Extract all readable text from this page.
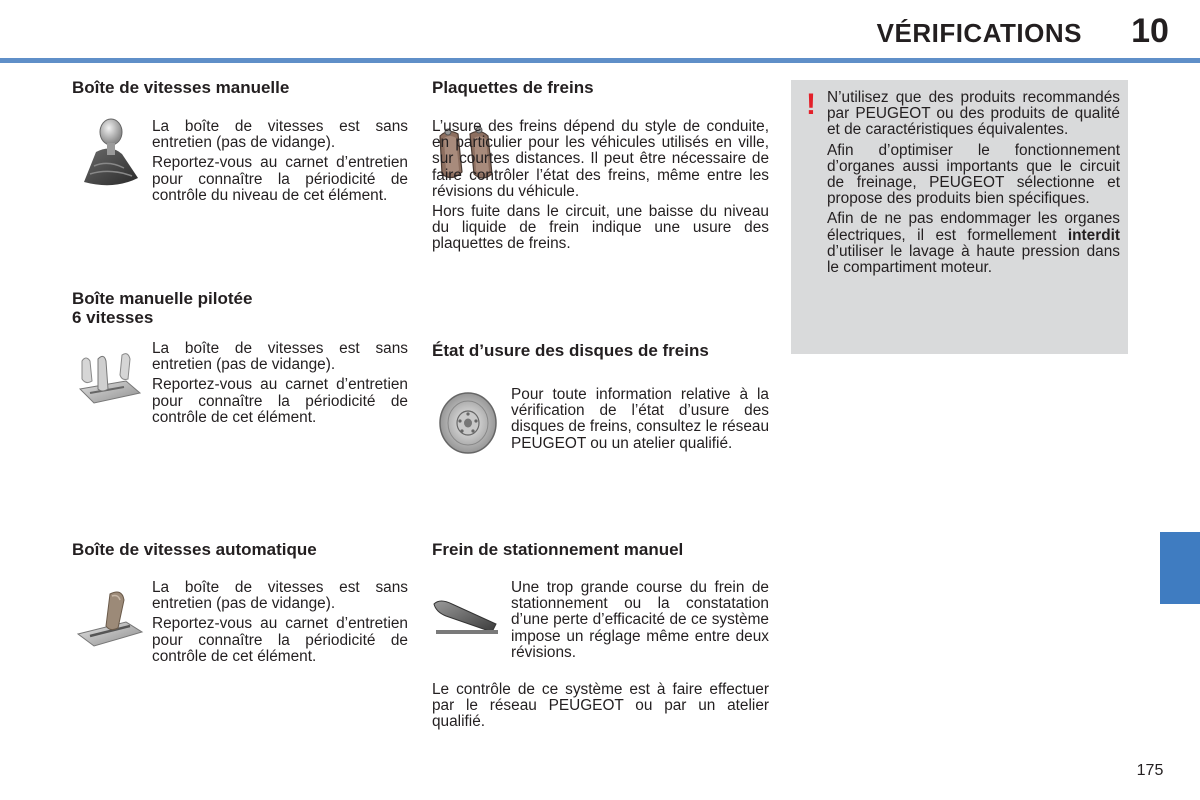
VÉRIFICATIONS	10
Boîte de vitesses manuelle

La boîte de vitesses est sans entretien (pas de vidange).

Reportez-vous au carnet d’entretien pour connaître la périodicité de contrôle du niveau de cet élément.

Boîte manuelle pilotée
6 vitesses

La boîte de vitesses est sans entretien (pas de vidange).

Reportez-vous au carnet d’entretien pour connaître la périodicité de contrôle de cet élément.

Boîte de vitesses automatique

La boîte de vitesses est sans entretien (pas de vidange).

Reportez-vous au carnet d’entretien pour connaître la périodicité de contrôle de cet élément.

Plaquettes de freins

L’usure des freins dépend du style de conduite, en particulier pour les véhicules utilisés en ville, sur courtes distances. Il peut être nécessaire de faire contrôler l’état des freins, même entre les révisions du véhicule.

Hors fuite dans le circuit, une baisse du niveau du liquide de frein indique une usure des plaquettes de freins.

État d’usure des disques de freins

Pour toute information relative à la vérification de l’état d’usure des disques de freins, consultez le réseau PEUGEOT ou un atelier qualifié.

Frein de stationnement manuel

Une trop grande course du frein de stationnement ou la constatation d’une perte d’efficacité de ce système impose un réglage même entre deux révisions.

Le contrôle de ce système est à faire effectuer par le réseau PEUGEOT ou par un atelier qualifié.

! N’utilisez que des produits recommandés par PEUGEOT ou des produits de qualité et de caractéristiques équivalentes.

Afin d’optimiser le fonctionnement d’organes aussi importants que le circuit de freinage, PEUGEOT sélectionne et propose des produits bien spécifiques.

Afin de ne pas endommager les organes électriques, il est formellement interdit d’utiliser le lavage à haute pression dans le compartiment moteur.

175
